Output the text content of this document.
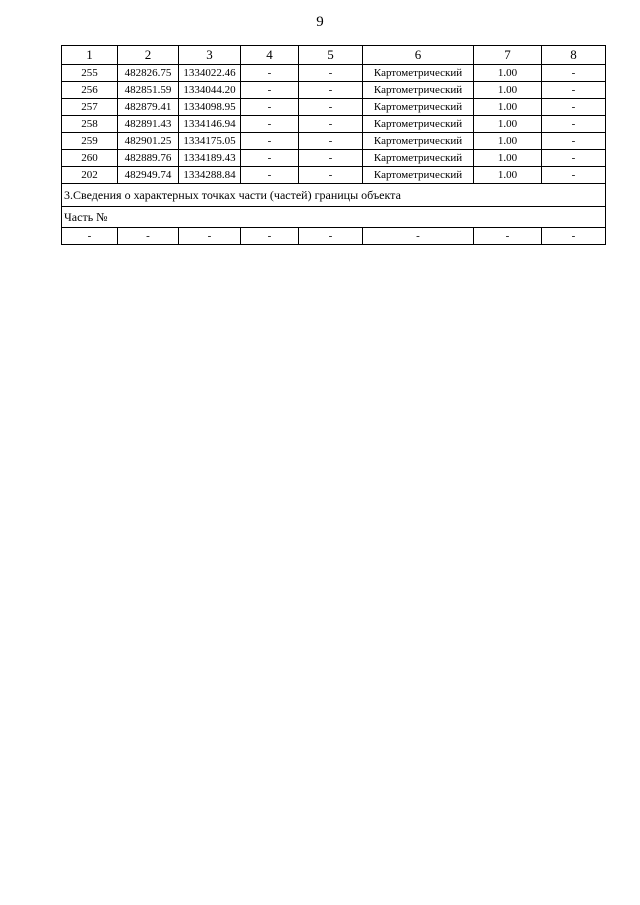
9
1	2	3	4	5	6	7	8
255	482826.75	1334022.46	-	-	Картометрический	1.00	-
256	482851.59	1334044.20	-	-	Картометрический	1.00	-
257	482879.41	1334098.95	-	-	Картометрический	1.00	-
258	482891.43	1334146.94	-	-	Картометрический	1.00	-
259	482901.25	1334175.05	-	-	Картометрический	1.00	-
260	482889.76	1334189.43	-	-	Картометрический	1.00	-
202	482949.74	1334288.84	-	-	Картометрический	1.00	-
3.Сведения о характерных точках части (частей) границы объекта							
Часть №							
-	-	-	-	-	-	-	-
